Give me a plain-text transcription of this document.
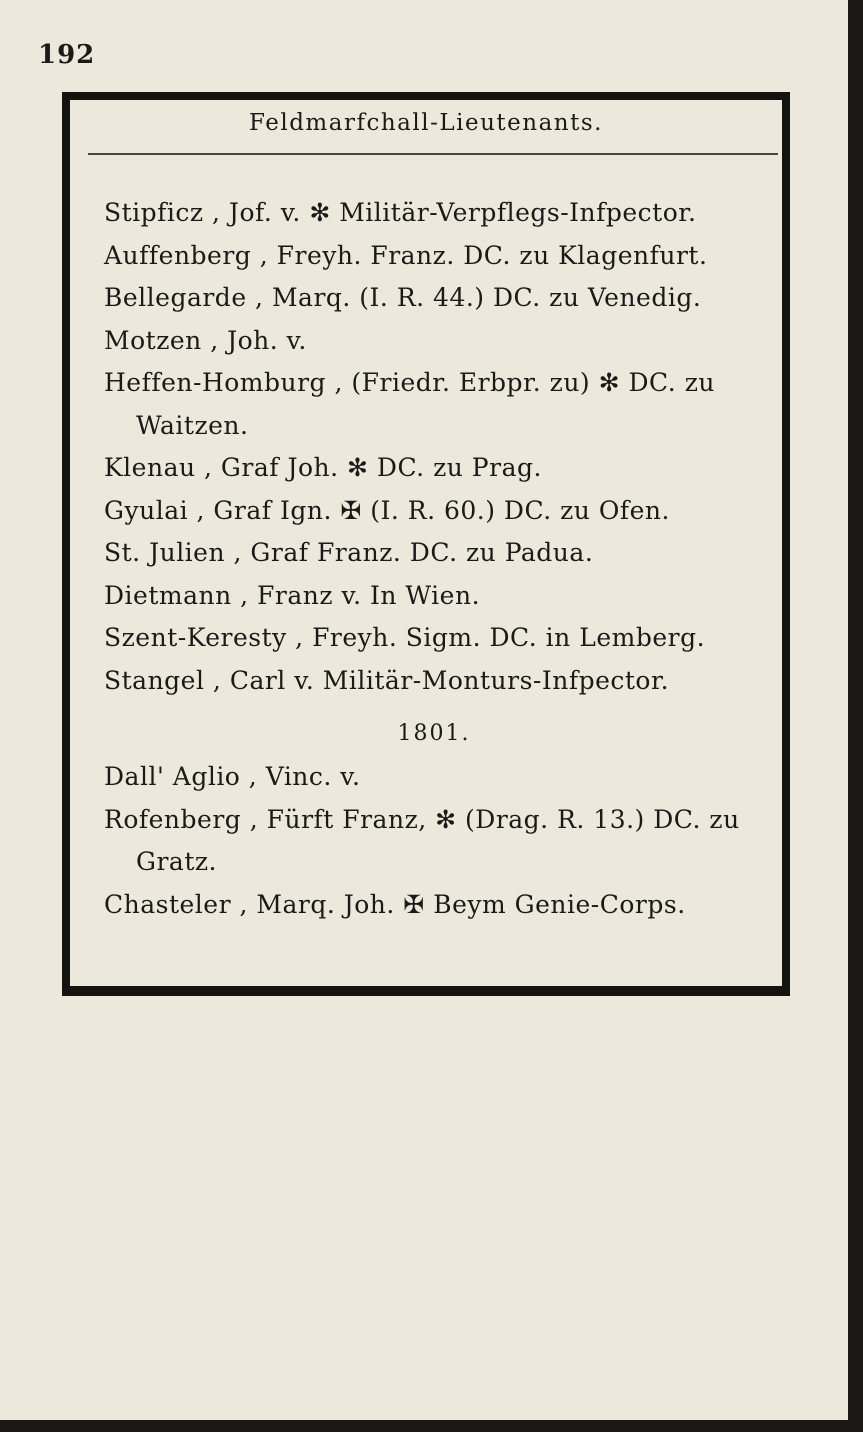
192
Feldmarfchall-Lieutenants.

Stipficz , Jof. v. ✻ Militär-Verpflegs-Infpector.

Auffenberg , Freyh. Franz. DC. zu Klagenfurt.

Bellegarde , Marq. (I. R. 44.) DC. zu Venedig.

Motzen , Joh. v.

Heffen-Homburg , (Friedr. Erbpr. zu) ✻ DC. zu Waitzen.

Klenau , Graf Joh. ✻ DC. zu Prag.

Gyulai , Graf Ign. ✠ (I. R. 60.) DC. zu Ofen.

St. Julien , Graf Franz. DC. zu Padua.

Dietmann , Franz v. In Wien.

Szent-Keresty , Freyh. Sigm. DC. in Lemberg.

Stangel , Carl v. Militär-Monturs-Infpector.

1801.

Dall' Aglio , Vinc. v.

Rofenberg , Fürft Franz, ✻ (Drag. R. 13.) DC. zu Gratz.

Chasteler , Marq. Joh. ✠ Beym Genie-Corps.
